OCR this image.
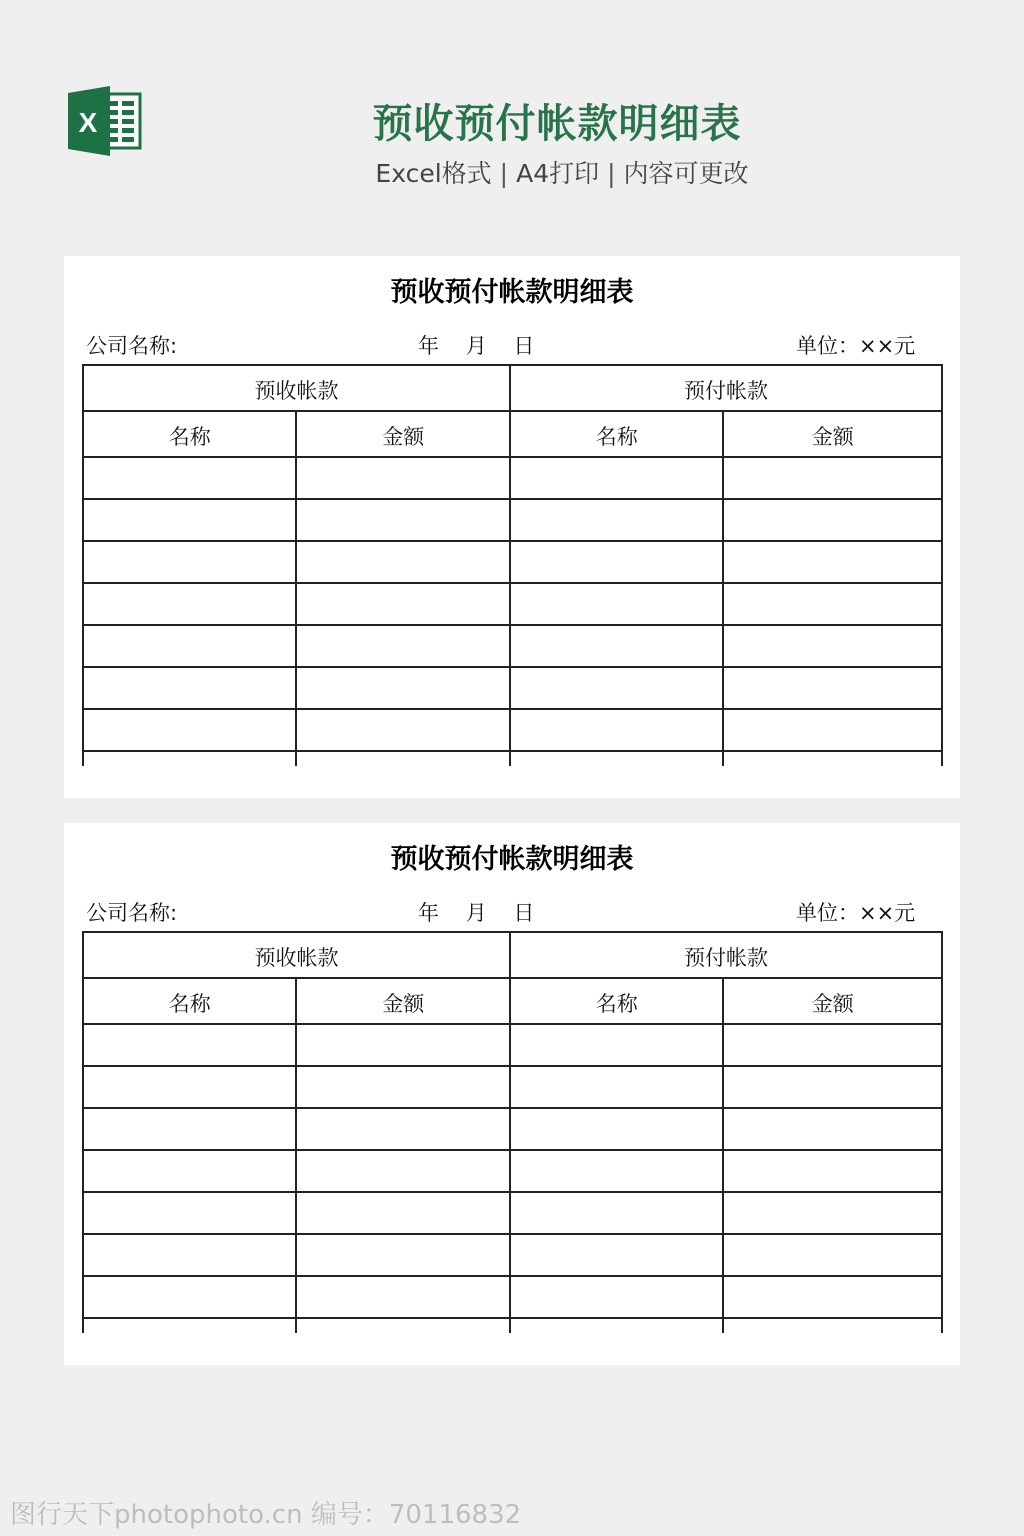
X	预收预付帐款明细表
Excel格式 | A4打印 | 内容可更改
预收预付帐款明细表
公司名称:	年    月    日	单位：××元
预收帐款		预付帐款	
名称	金额	名称	金额

预收预付帐款明细表
公司名称:	年    月    日	单位：××元
预收帐款		预付帐款	
名称	金额	名称	金额

图行天下photophoto.cn 编号：70116832
